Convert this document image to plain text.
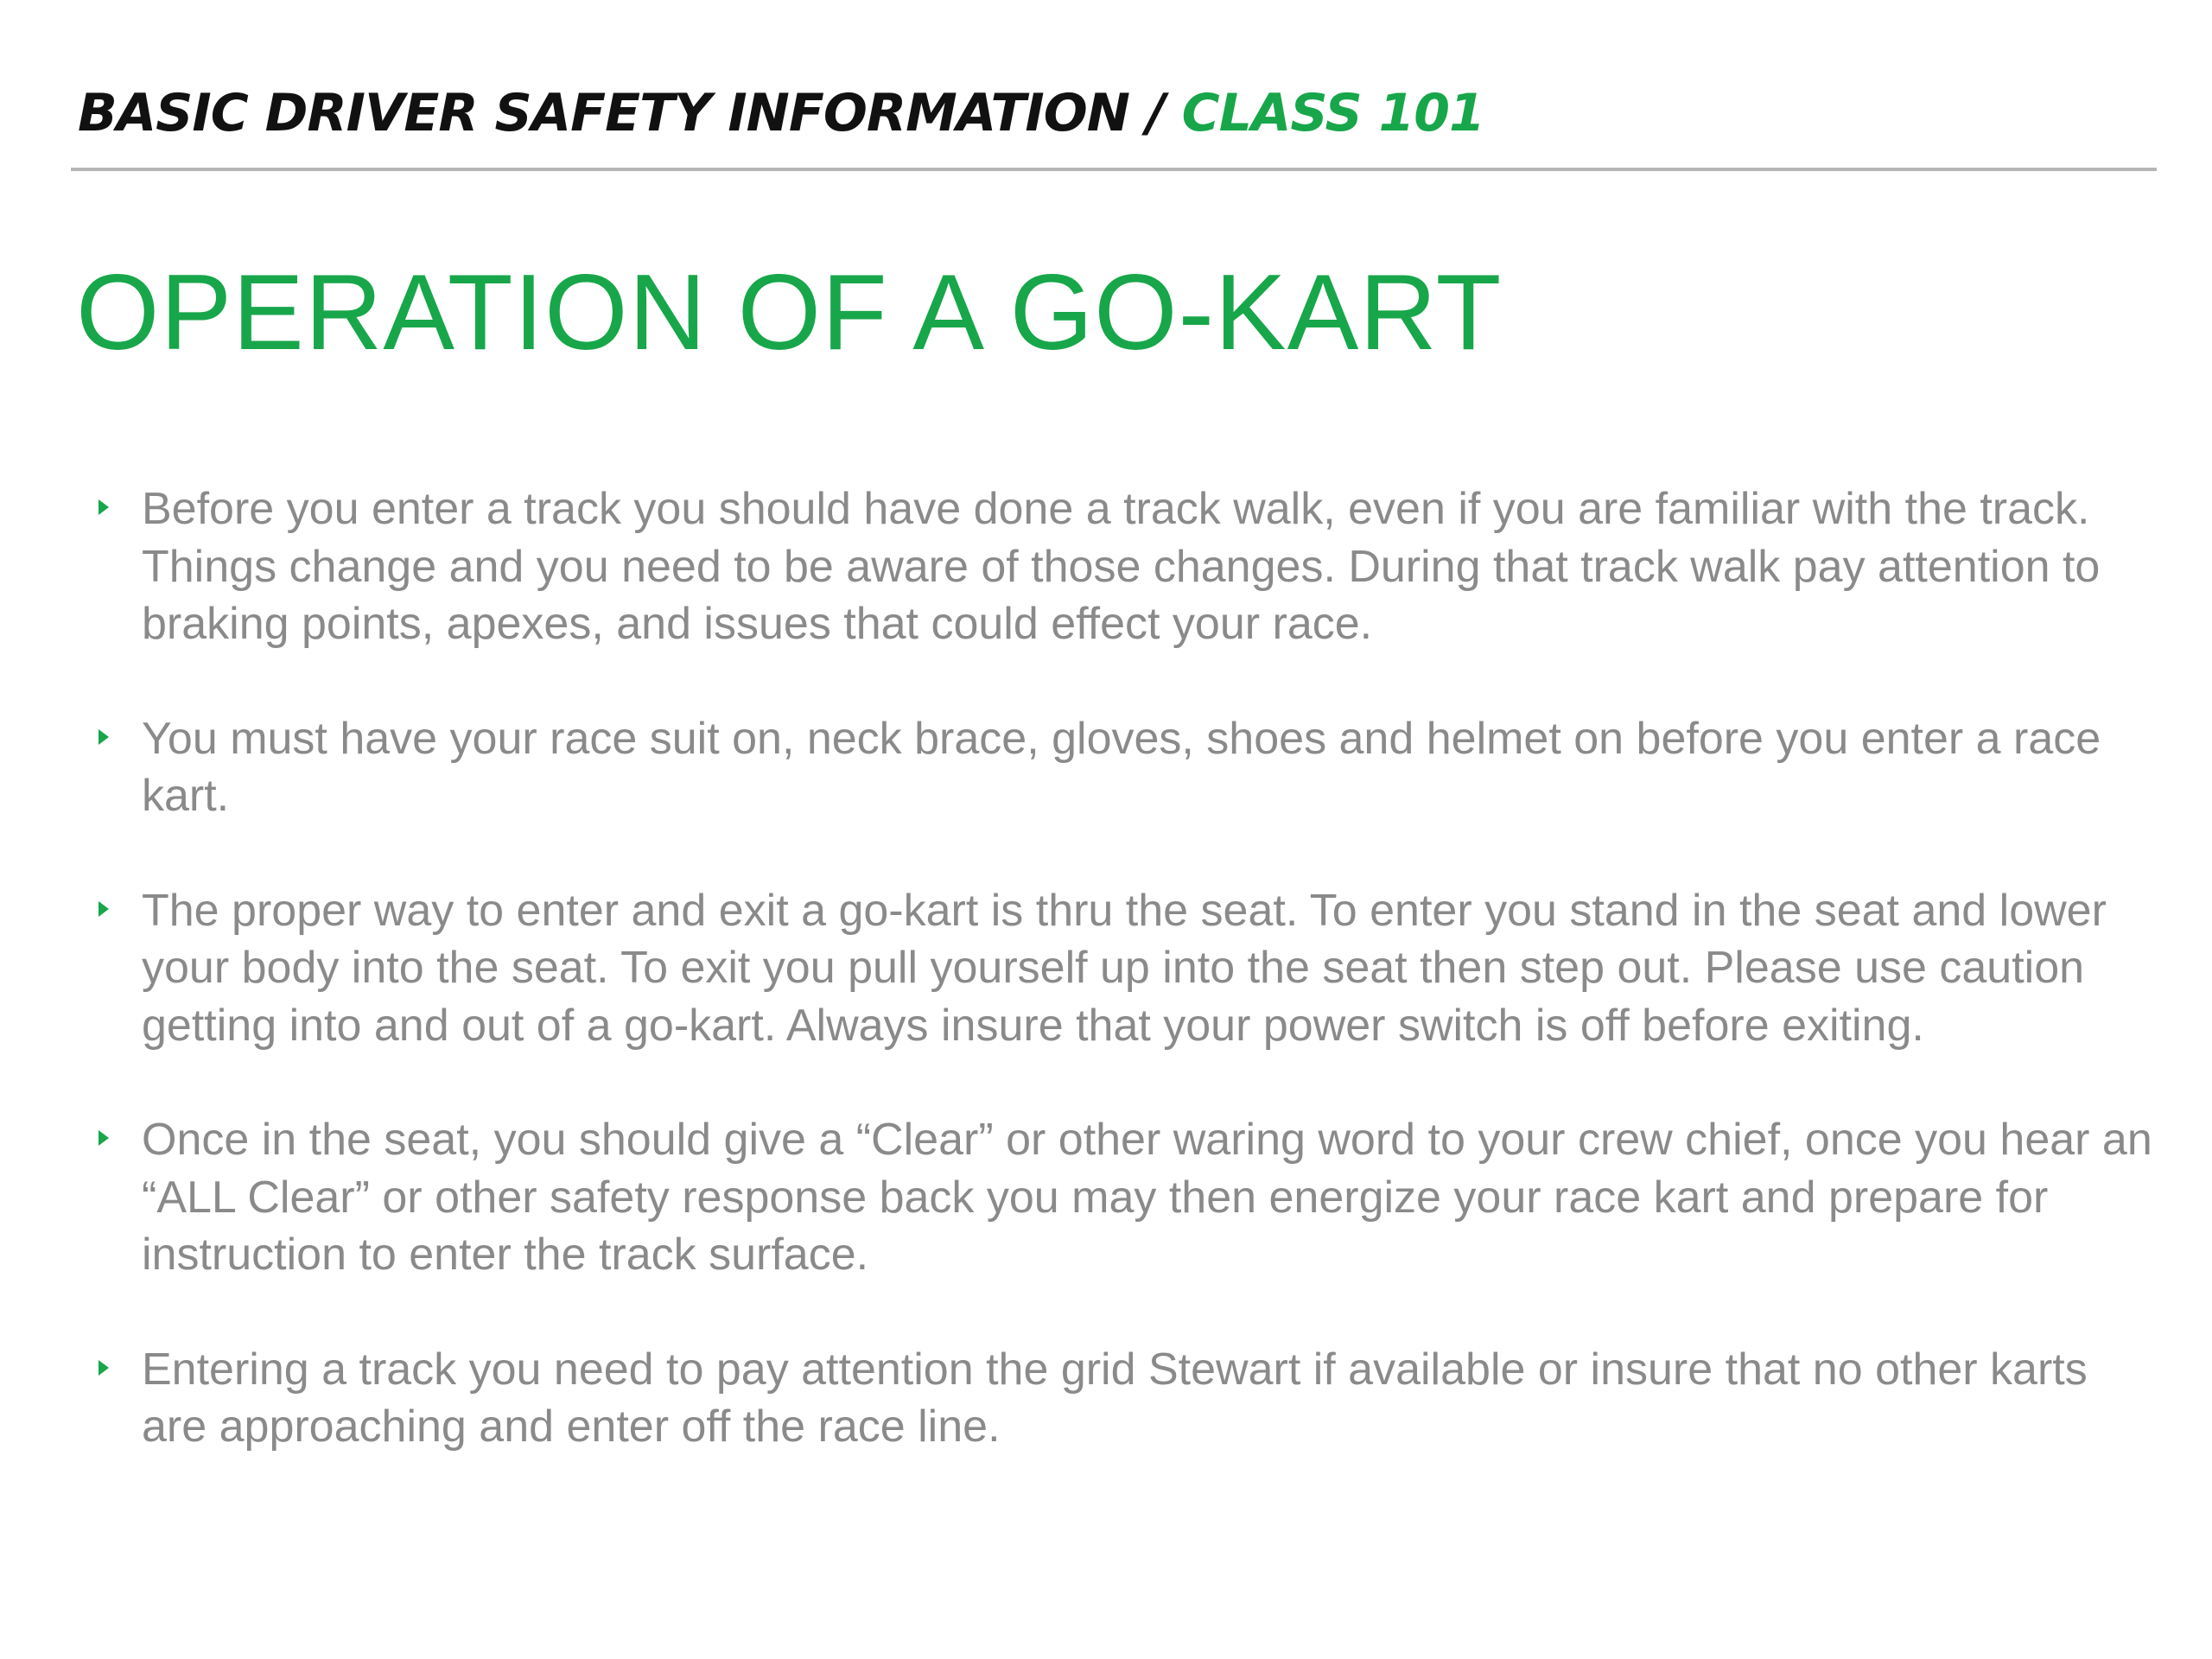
BASIC DRIVER SAFETY INFORMATION / CLASS 101
OPERATION OF A GO-KART
Before you enter a track you should have done a track walk, even if you are familiar with the track. Things change and you need to be aware of those changes. During that track walk pay attention to braking points, apexes, and issues that could effect your race.
You must have your race suit on, neck brace, gloves, shoes and helmet on before you enter a race kart.
The proper way to enter and exit a go-kart is thru the seat. To enter you stand in the seat and lower your body into the seat. To exit you pull yourself up into the seat then step out. Please use caution getting into and out of a go-kart. Always insure that your power switch is off before exiting.
Once in the seat, you should give a “Clear” or other waring word to your crew chief, once you hear an “ALL Clear” or other safety response back you may then energize your race kart and prepare for instruction to enter the track surface.
Entering a track you need to pay attention the grid Stewart if available or insure that no other karts are approaching and enter off the race line.
